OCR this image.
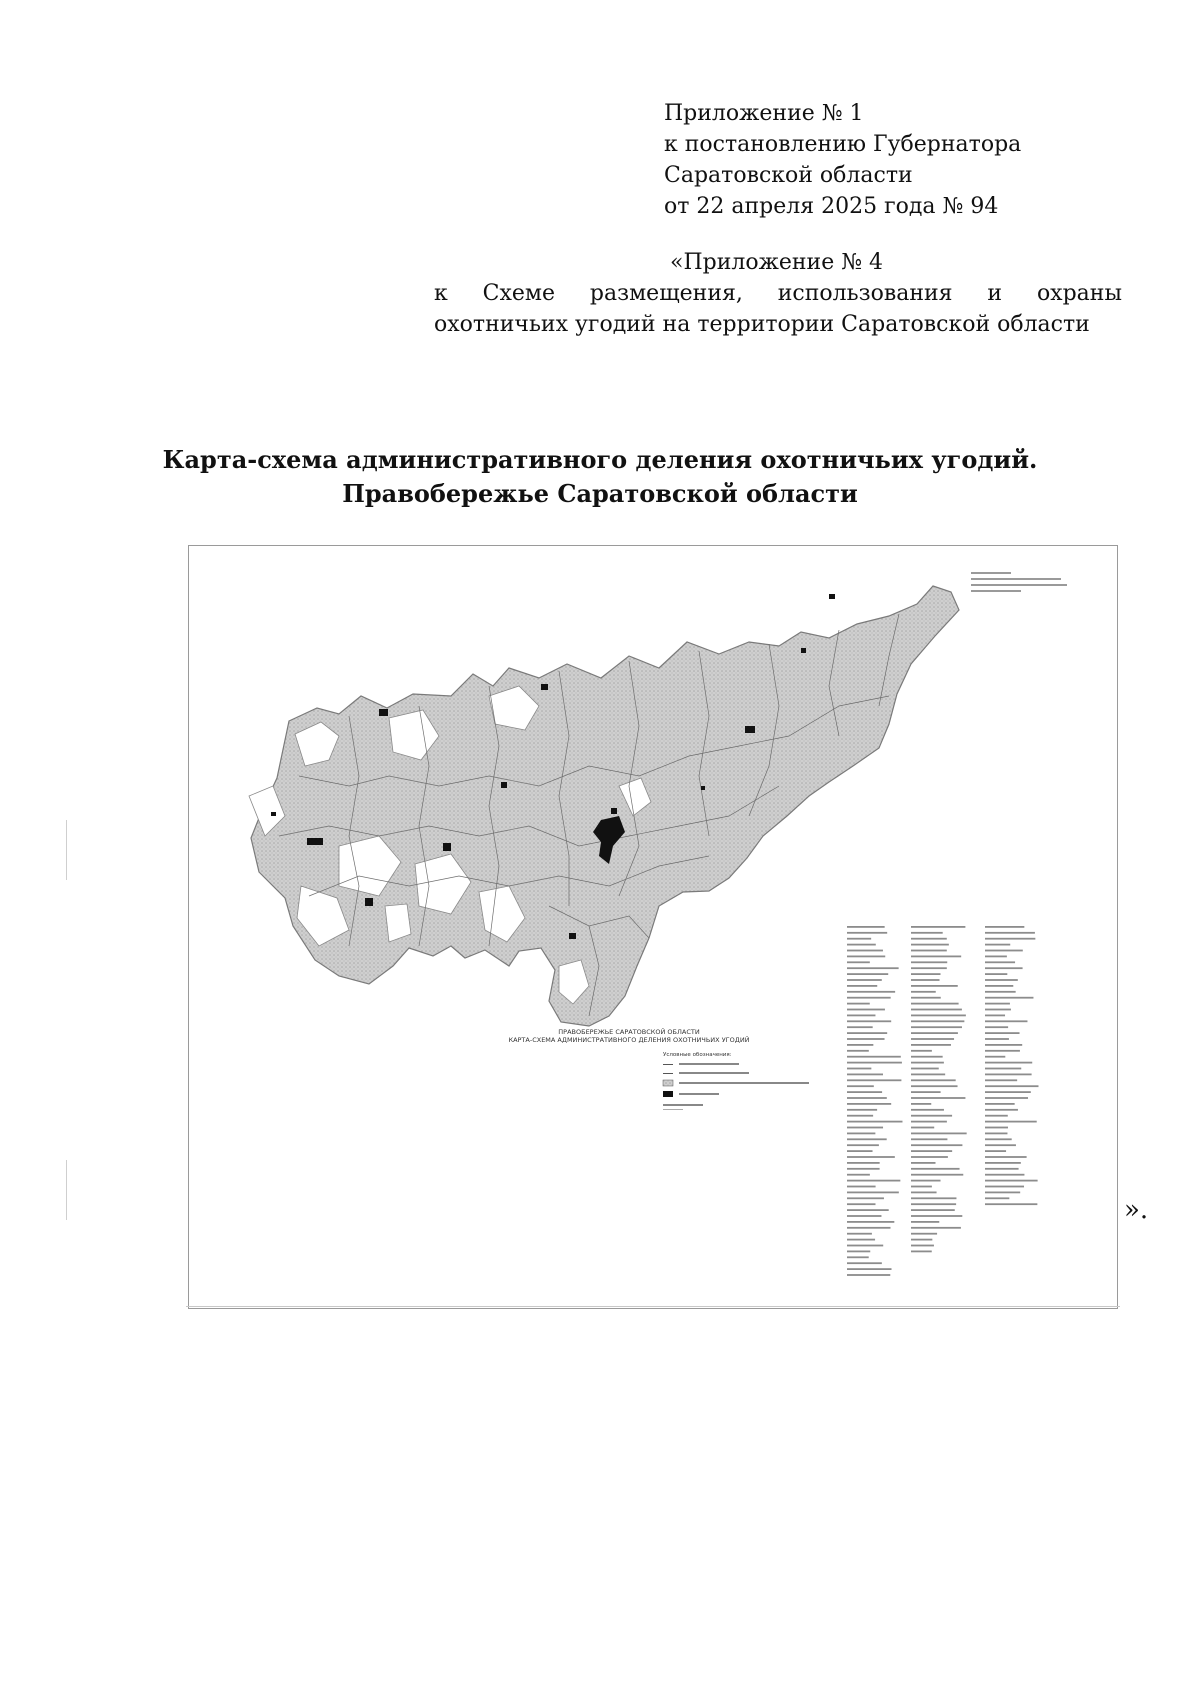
Приложение № 1
к постановлению Губернатора
Саратовской области
от 22 апреля 2025 года № 94
«Приложение № 4
к Схеме размещения, использования и охраны
охотничьих угодий на территории Саратовской области
Карта-схема административного деления охотничьих угодий.
Правобережье Саратовской области
ПРАВОБЕРЕЖЬЕ САРАТОВСКОЙ ОБЛАСТИ
КАРТА-СХЕМА АДМИНИСТРАТИВНОГО ДЕЛЕНИЯ ОХОТНИЧЬИХ УГОДИЙ
Условные обозначения:
».
